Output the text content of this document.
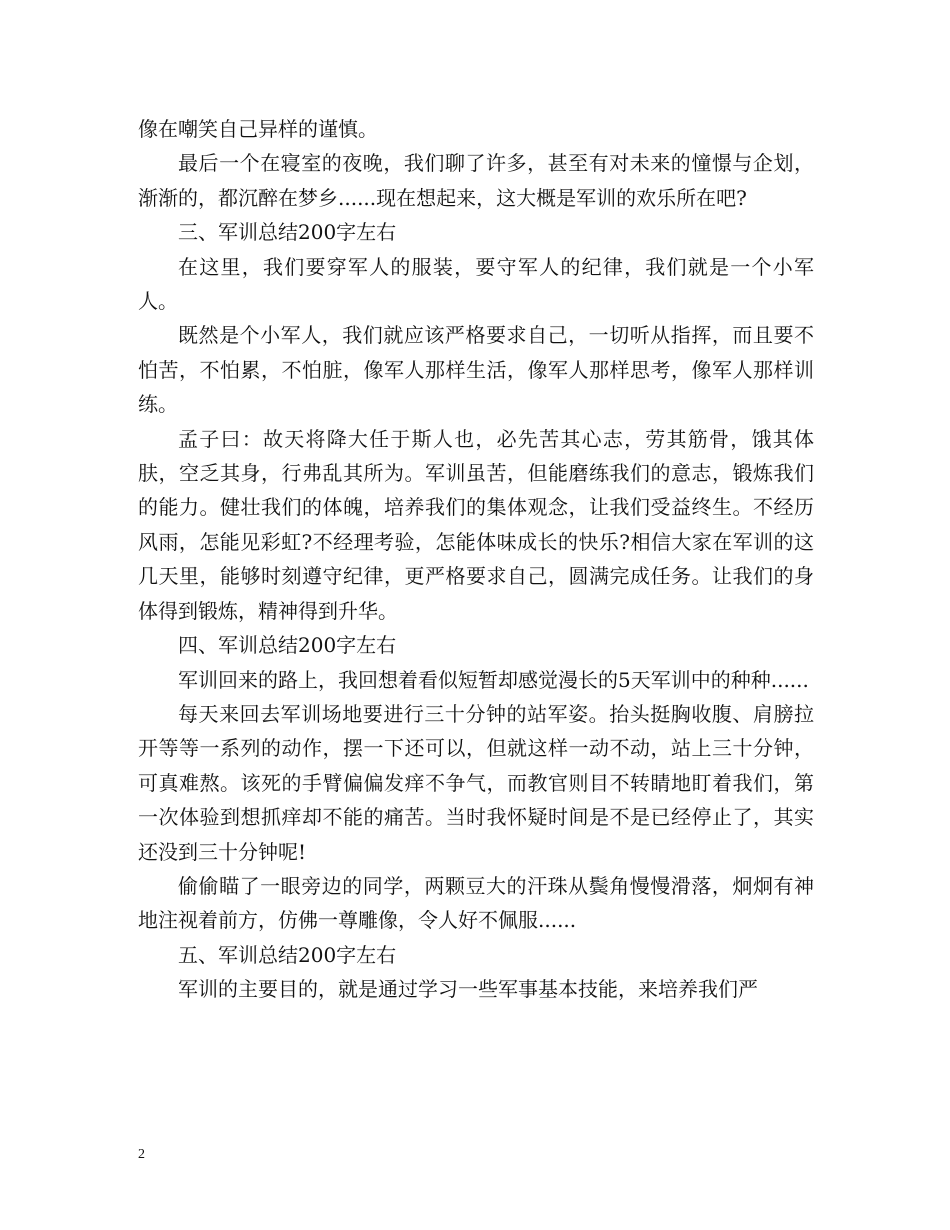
像在嘲笑自己异样的谨慎。

最后一个在寝室的夜晚，我们聊了许多，甚至有对未来的憧憬与企划，渐渐的，都沉醉在梦乡......现在想起来，这大概是军训的欢乐所在吧?

三、军训总结200字左右

在这里，我们要穿军人的服装，要守军人的纪律，我们就是一个小军人。

既然是个小军人，我们就应该严格要求自己，一切听从指挥，而且要不怕苦，不怕累，不怕脏，像军人那样生活，像军人那样思考，像军人那样训练。

孟子曰：故天将降大任于斯人也，必先苦其心志，劳其筋骨，饿其体肤，空乏其身，行弗乱其所为。军训虽苦，但能磨练我们的意志，锻炼我们的能力。健壮我们的体魄，培养我们的集体观念，让我们受益终生。不经历风雨，怎能见彩虹?不经理考验，怎能体味成长的快乐?相信大家在军训的这几天里，能够时刻遵守纪律，更严格要求自己，圆满完成任务。让我们的身体得到锻炼，精神得到升华。

四、军训总结200字左右

军训回来的路上，我回想着看似短暂却感觉漫长的5天军训中的种种......

每天来回去军训场地要进行三十分钟的站军姿。抬头挺胸收腹、肩膀拉开等等一系列的动作，摆一下还可以，但就这样一动不动，站上三十分钟，可真难熬。该死的手臂偏偏发痒不争气，而教官则目不转睛地盯着我们，第一次体验到想抓痒却不能的痛苦。当时我怀疑时间是不是已经停止了，其实还没到三十分钟呢!

偷偷瞄了一眼旁边的同学，两颗豆大的汗珠从鬓角慢慢滑落，炯炯有神地注视着前方，仿佛一尊雕像，令人好不佩服......

五、军训总结200字左右

军训的主要目的，就是通过学习一些军事基本技能，来培养我们严

2
